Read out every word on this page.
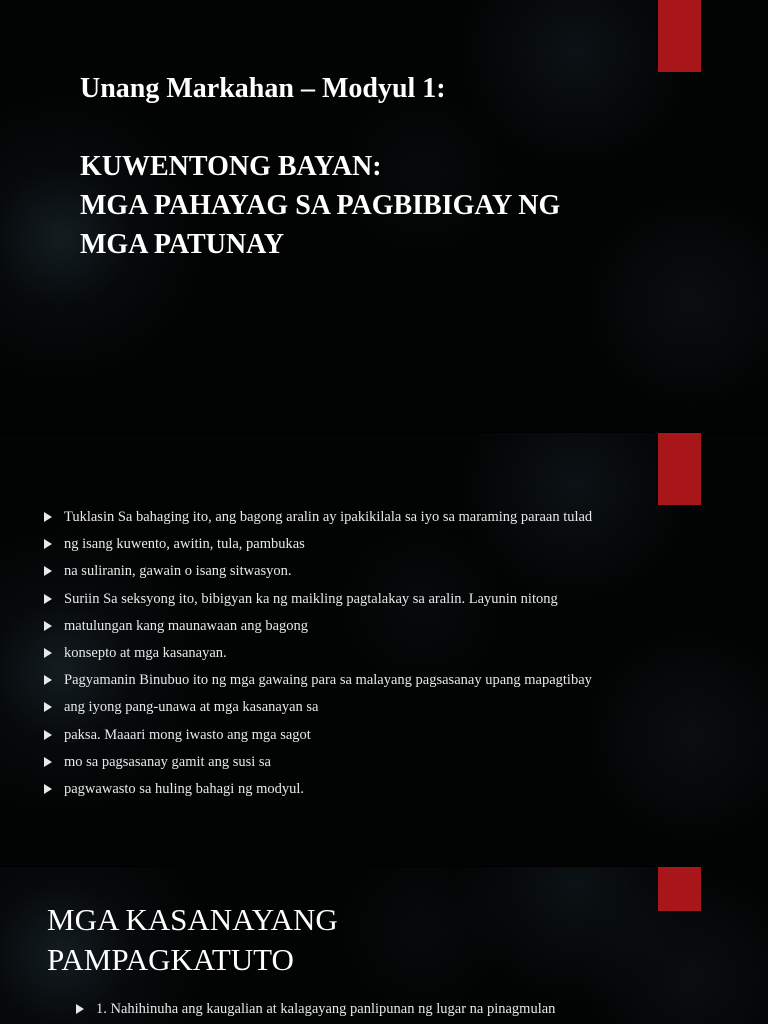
Unang Markahan – Modyul 1:
KUWENTONG BAYAN:
MGA PAHAYAG SA PAGBIBIGAY NG
MGA PATUNAY
Tuklasin Sa bahaging ito, ang bagong aralin ay ipakikilala sa iyo sa maraming paraan tulad
ng isang kuwento, awitin, tula, pambukas
na suliranin, gawain o isang sitwasyon.
Suriin Sa seksyong ito, bibigyan ka ng maikling pagtalakay sa aralin. Layunin nitong
matulungan kang maunawaan ang bagong
konsepto at mga kasanayan.
Pagyamanin Binubuo ito ng mga gawaing para sa malayang pagsasanay upang mapagtibay
ang iyong pang-unawa at mga kasanayan sa
paksa. Maaari mong iwasto ang mga sagot
mo sa pagsasanay gamit ang susi sa
pagwawasto sa huling bahagi ng modyul.
MGA KASANAYANG
PAMPAGKATUTO
1. Nahihinuha ang kaugalian at kalagayang panlipunan ng lugar na pinagmulan
